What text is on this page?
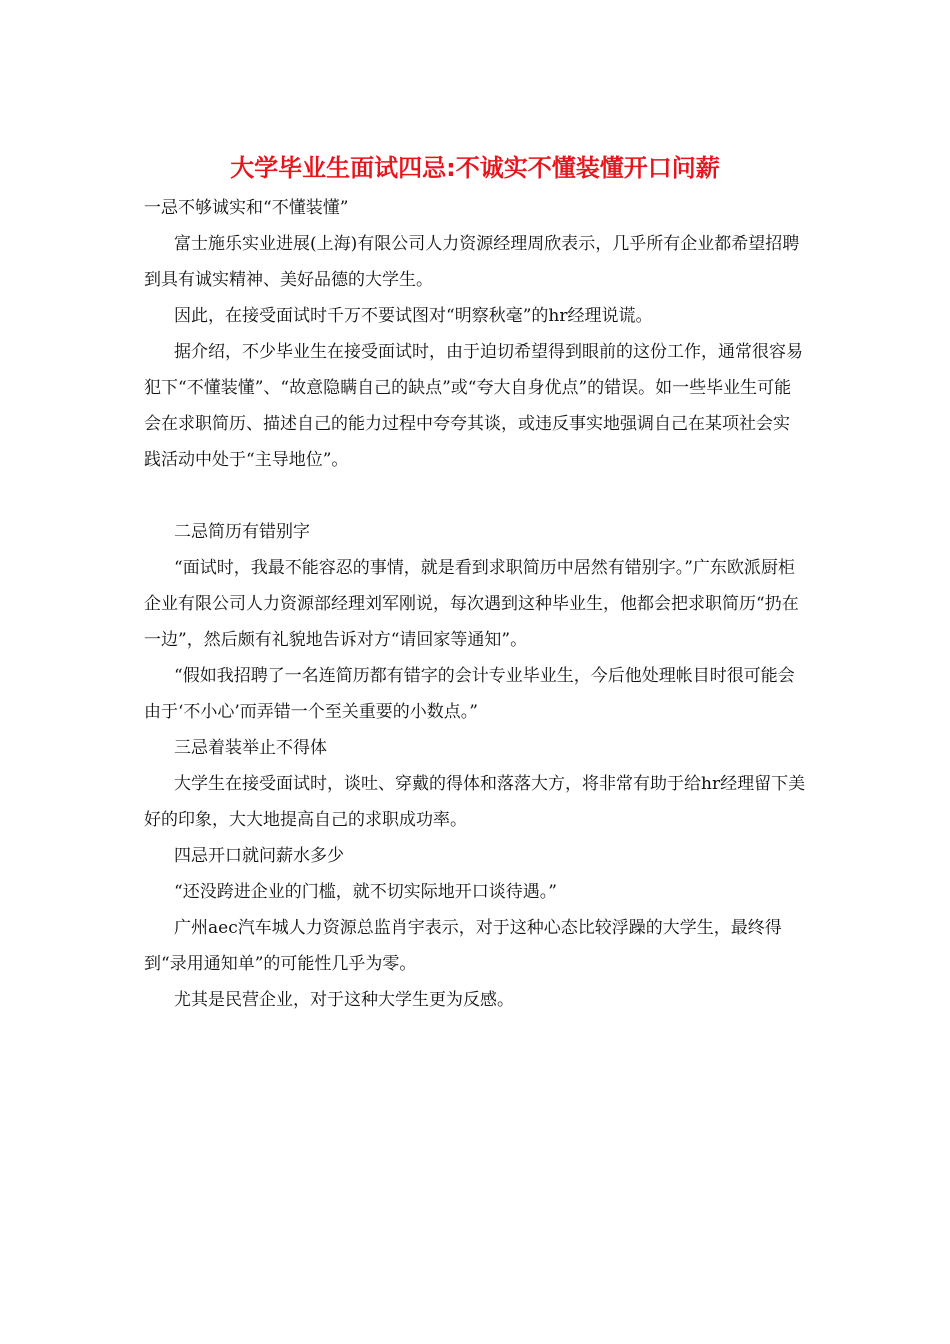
大学毕业生面试四忌:不诚实不懂装懂开口问薪

一忌不够诚实和“不懂装懂”

富士施乐实业进展(上海)有限公司人力资源经理周欣表示，几乎所有企业都希望招聘到具有诚实精神、美好品德的大学生。

因此，在接受面试时千万不要试图对“明察秋毫”的hr经理说谎。

据介绍，不少毕业生在接受面试时，由于迫切希望得到眼前的这份工作，通常很容易犯下“不懂装懂”、“故意隐瞒自己的缺点”或“夸大自身优点”的错误。如一些毕业生可能会在求职简历、描述自己的能力过程中夸夸其谈，或违反事实地强调自己在某项社会实践活动中处于“主导地位”。

二忌简历有错别字

“面试时，我最不能容忍的事情，就是看到求职简历中居然有错别字。”广东欧派厨柜企业有限公司人力资源部经理刘军刚说，每次遇到这种毕业生，他都会把求职简历“扔在一边”，然后颇有礼貌地告诉对方“请回家等通知”。

“假如我招聘了一名连简历都有错字的会计专业毕业生，今后他处理帐目时很可能会由于‘不小心’而弄错一个至关重要的小数点。”

三忌着装举止不得体

大学生在接受面试时，谈吐、穿戴的得体和落落大方，将非常有助于给hr经理留下美好的印象，大大地提高自己的求职成功率。

四忌开口就问薪水多少

“还没跨进企业的门槛，就不切实际地开口谈待遇。”

广州aec汽车城人力资源总监肖宇表示，对于这种心态比较浮躁的大学生，最终得到“录用通知单”的可能性几乎为零。

尤其是民营企业，对于这种大学生更为反感。
